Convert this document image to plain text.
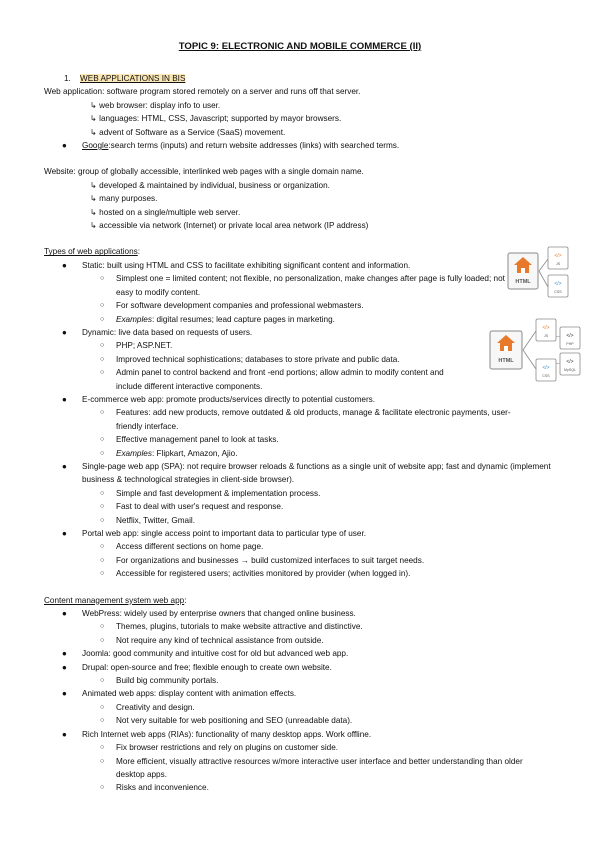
TOPIC 9: ELECTRONIC AND MOBILE COMMERCE (II)
1. WEB APPLICATIONS IN BIS
Web application: software program stored remotely on a server and runs off that server.
↳ web browser: display info to user.
↳ languages: HTML, CSS, Javascript; supported by mayor browsers.
↳ advent of Software as a Service (SaaS) movement.
●	Google:search terms (inputs) and return website addresses (links) with searched terms.
Website: group of globally accessible, interlinked web pages with a single domain name.
↳ developed & maintained by individual, business or organization.
↳ many purposes.
↳ hosted on a single/multiple web server.
↳ accessible via network (Internet) or private local area network (IP address)
Types of web applications:
●	Static: built using HTML and CSS to facilitate exhibiting significant content and information.
○	Simplest one = limited content; not flexible, no personalization, make changes after page is fully loaded; not easy to modify content.
○	For software development companies and professional webmasters.
○	Examples: digital resumes; lead capture pages in marketing.
●	Dynamic: live data based on requests of users.
○	PHP; ASP.NET.
○	Improved technical sophistications; databases to store private and public data.
○	Admin panel to control backend and front -end portions; allow admin to modify content and include different interactive components.
●	E-commerce web app: promote products/services directly to potential customers.
○	Features: add new products, remove outdated & old products, manage & facilitate electronic payments, user-friendly interface.
○	Effective management panel to look at tasks.
○	Examples: Flipkart, Amazon, Ajio.
●	Single-page web app (SPA): not require browser reloads & functions as a single unit of website app; fast and dynamic (implement business & technological strategies in client-side browser).
○	Simple and fast development & implementation process.
○	Fast to deal with user's request and response.
○	Netflix, Twitter, Gmail.
●	Portal web app: single access point to important data to particular type of user.
○	Access different sections on home page.
○	For organizations and businesses → build customized interfaces to suit target needs.
○	Accessible for registered users; activities monitored by provider (when logged in).
Content management system web app:
●	WebPress: widely used by enterprise owners that changed online business.
○	Themes, plugins, tutorials to make website attractive and distinctive.
○	Not require any kind of technical assistance from outside.
●	Joomla: good community and intuitive cost for old but advanced web app.
●	Drupal: open-source and free; flexible enough to create own website.
○	Build big community portals.
●	Animated web apps: display content with animation effects.
○	Creativity and design.
○	Not very suitable for web positioning and SEO (unreadable data).
●	Rich Internet web apps (RIAs): functionality of many desktop apps. Work offline.
○	Fix browser restrictions and rely on plugins on customer side.
○	More efficient, visually attractive resources w/more interactive user interface and better understanding than older desktop apps.
○	Risks and inconvenience.
HTML
</>
JS
</>
CSS
HTML
</>
JS	</>
PHP
</>
CSS
</>
MySQL
